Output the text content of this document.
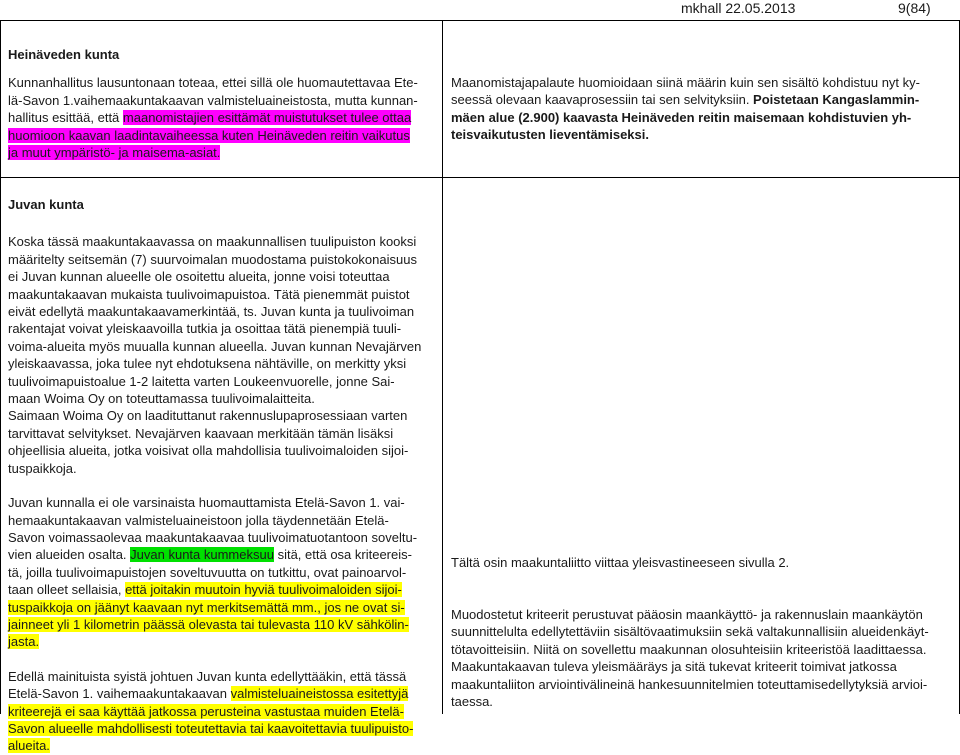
mkhall 22.05.2013	9(84)
Heinäveden kunta
Kunnanhallitus lausuntonaan toteaa, ettei sillä ole huomautettavaa Ete-
lä-Savon 1.vaihemaakuntakaavan valmisteluaineistosta, mutta kunnan-
hallitus esittää, että maanomistajien esittämät muistutukset tulee ottaa
huomioon kaavan laadintavaiheessa kuten Heinäveden reitin vaikutus
ja muut ympäristö- ja maisema-asiat.
Maanomistajapalaute huomioidaan siinä määrin kuin sen sisältö kohdistuu nyt ky-
seessä olevaan kaavaprosessiin tai sen selvityksiin. Poistetaan Kangaslammin-
mäen alue (2.900) kaavasta Heinäveden reitin maisemaan kohdistuvien yh-
teisvaikutusten lieventämiseksi.
Juvan kunta
Koska tässä maakuntakaavassa on maakunnallisen tuulipuiston kooksi
määritelty seitsemän (7) suurvoimalan muodostama puistokokonaisuus
ei Juvan kunnan alueelle ole osoitettu alueita, jonne voisi toteuttaa
maakuntakaavan mukaista tuulivoimapuistoa. Tätä pienemmät puistot
eivät edellytä maakuntakaavamerkintää, ts. Juvan kunta ja tuulivoiman
rakentajat voivat yleiskaavoilla tutkia ja osoittaa tätä pienempiä tuuli-
voima-alueita myös muualla kunnan alueella. Juvan kunnan Nevajärven
yleiskaavassa, joka tulee nyt ehdotuksena nähtäville, on merkitty yksi
tuulivoimapuistoalue 1-2 laitetta varten Loukeenvuorelle, jonne Sai-
maan Woima Oy on toteuttamassa tuulivoimalaitteita.
Saimaan Woima Oy on laadituttanut rakennuslupaprosessiaan varten
tarvittavat selvitykset. Nevajärven kaavaan merkitään tämän lisäksi
ohjeellisia alueita, jotka voisivat olla mahdollisia tuulivoimaloiden sijoi-
tuspaikkoja.
Juvan kunnalla ei ole varsinaista huomauttamista Etelä-Savon 1. vai-
hemaakuntakaavan valmisteluaineistoon jolla täydennetään Etelä-
Savon voimassaolevaa maakuntakaavaa tuulivoimatuotantoon soveltu-
vien alueiden osalta. Juvan kunta kummeksuu sitä, että osa kriteereis-
tä, joilla tuulivoimapuistojen soveltuvuutta on tutkittu, ovat painoarvol-
taan olleet sellaisia, että joitakin muutoin hyviä tuulivoimaloiden sijoi-
tuspaikkoja on jäänyt kaavaan nyt merkitsemättä mm., jos ne ovat si-
jainneet yli 1 kilometrin päässä olevasta tai tulevasta 110 kV sähkölin-
jasta.
Edellä mainituista syistä johtuen Juvan kunta edellyttääkin, että tässä
Etelä-Savon 1. vaihemaakuntakaavan valmisteluaineistossa esitettyjä
kriteerejä ei saa käyttää jatkossa perusteina vastustaa muiden Etelä-
Savon alueelle mahdollisesti toteutettavia tai kaavoitettavia tuulipuisto-
alueita.
Tältä osin maakuntaliitto viittaa yleisvastineeseen sivulla 2.
Muodostetut kriteerit perustuvat pääosin maankäyttö- ja rakennuslain maankäytön
suunnittelulta edellytettäviin sisältövaatimuksiin sekä valtakunnallisiin alueidenkäyt-
tötavoitteisiin. Niitä on sovellettu maakunnan olosuhteisiin kriteeristöä laadittaessa.
Maakuntakaavan tuleva yleismääräys ja sitä tukevat kriteerit toimivat jatkossa
maakuntaliiton arviointivälineinä hankesuunnitelmien toteuttamisedellytyksiä arvioi-
taessa.
